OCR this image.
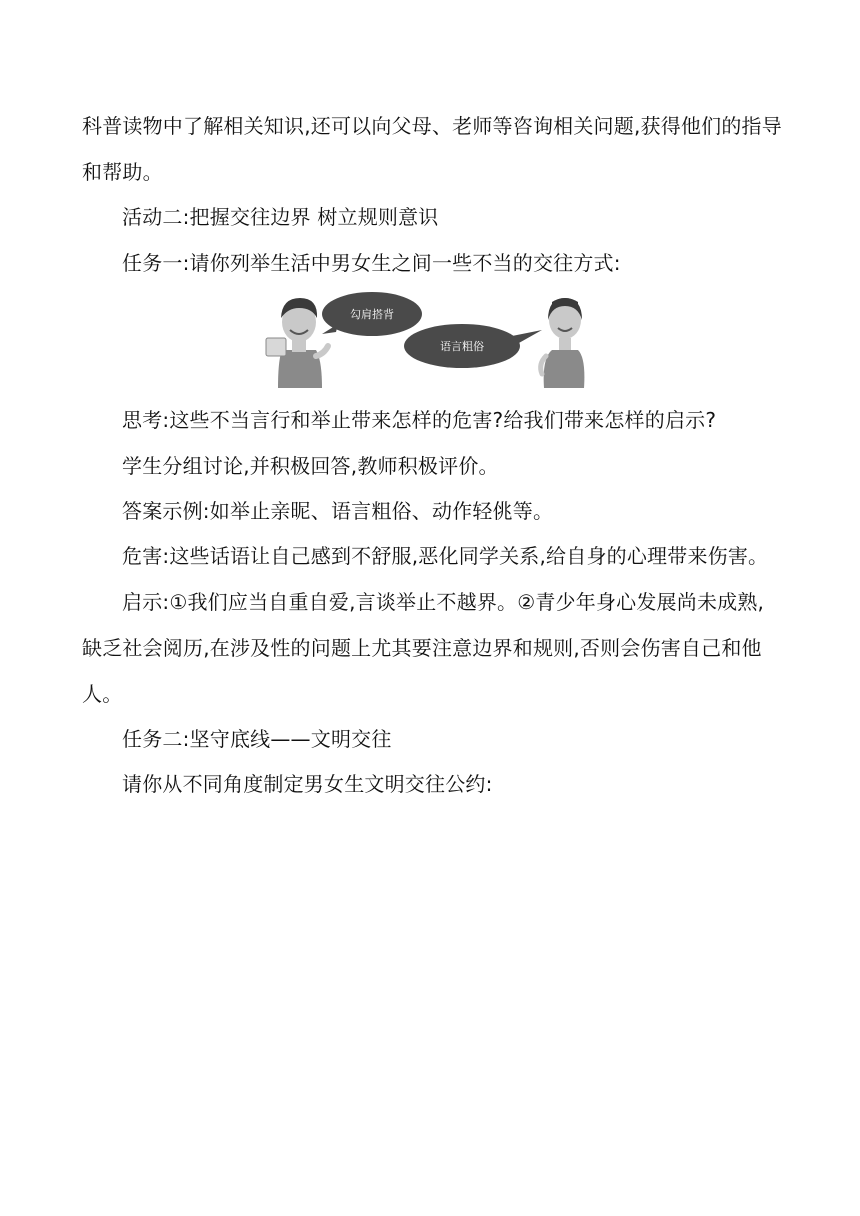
科普读物中了解相关知识,还可以向父母、老师等咨询相关问题,获得他们的指导
和帮助。
活动二:把握交往边界 树立规则意识
任务一:请你列举生活中男女生之间一些不当的交往方式:
勾肩搭背
语言粗俗
思考:这些不当言行和举止带来怎样的危害?给我们带来怎样的启示?
学生分组讨论,并积极回答,教师积极评价。
答案示例:如举止亲昵、语言粗俗、动作轻佻等。
危害:这些话语让自己感到不舒服,恶化同学关系,给自身的心理带来伤害。
启示:①我们应当自重自爱,言谈举止不越界。②青少年身心发展尚未成熟,
缺乏社会阅历,在涉及性的问题上尤其要注意边界和规则,否则会伤害自己和他
人。
任务二:坚守底线——文明交往
请你从不同角度制定男女生文明交往公约:
